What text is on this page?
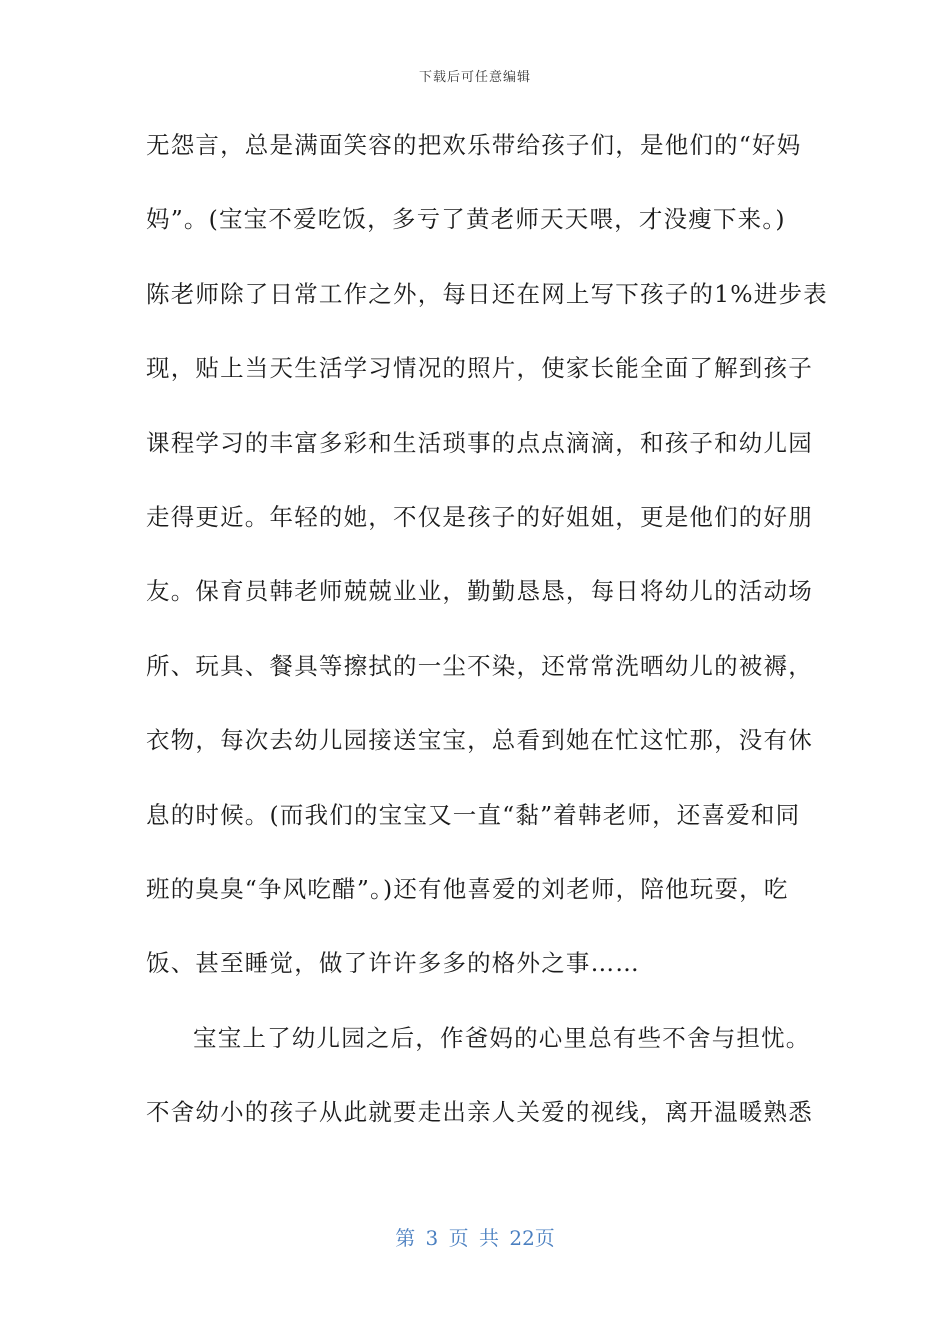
下载后可任意编辑
无怨言，总是满面笑容的把欢乐带给孩子们，是他们的“好妈
妈”。(宝宝不爱吃饭，多亏了黄老师天天喂，才没瘦下来。)
陈老师除了日常工作之外，每日还在网上写下孩子的1%进步表
现，贴上当天生活学习情况的照片，使家长能全面了解到孩子
课程学习的丰富多彩和生活琐事的点点滴滴，和孩子和幼儿园
走得更近。年轻的她，不仅是孩子的好姐姐，更是他们的好朋
友。保育员韩老师兢兢业业，勤勤恳恳，每日将幼儿的活动场
所、玩具、餐具等擦拭的一尘不染，还常常洗晒幼儿的被褥，
衣物，每次去幼儿园接送宝宝，总看到她在忙这忙那，没有休
息的时候。(而我们的宝宝又一直“黏”着韩老师，还喜爱和同
班的臭臭“争风吃醋”。)还有他喜爱的刘老师，陪他玩耍，吃
饭、甚至睡觉，做了许许多多的格外之事……
宝宝上了幼儿园之后，作爸妈的心里总有些不舍与担忧。
不舍幼小的孩子从此就要走出亲人关爱的视线，离开温暖熟悉
第 3 页 共 22页
